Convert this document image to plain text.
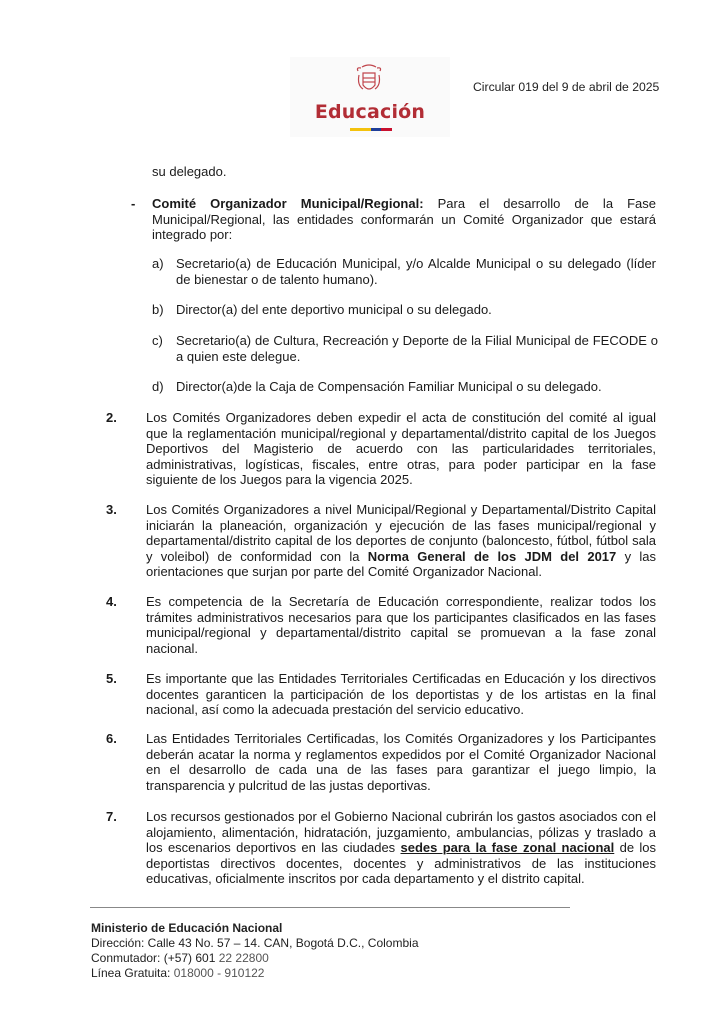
Educación
Circular 019 del 9 de abril de 2025
su delegado.
- Comité Organizador Municipal/Regional: Para el desarrollo de la Fase Municipal/Regional, las entidades conformarán un Comité Organizador que estará integrado por:
a) Secretario(a) de Educación Municipal, y/o Alcalde Municipal o su delegado (líder de bienestar o de talento humano).
b) Director(a) del ente deportivo municipal o su delegado.
c) Secretario(a) de Cultura, Recreación y Deporte de la Filial Municipal de FECODE o a quien este delegue.
d) Director(a)de la Caja de Compensación Familiar Municipal o su delegado.
2. Los Comités Organizadores deben expedir el acta de constitución del comité al igual que la reglamentación municipal/regional y departamental/distrito capital de los Juegos Deportivos del Magisterio de acuerdo con las particularidades territoriales, administrativas, logísticas, fiscales, entre otras, para poder participar en la fase siguiente de los Juegos para la vigencia 2025.
3. Los Comités Organizadores a nivel Municipal/Regional y Departamental/Distrito Capital iniciarán la planeación, organización y ejecución de las fases municipal/regional y departamental/distrito capital de los deportes de conjunto (baloncesto, fútbol, fútbol sala y voleibol) de conformidad con la Norma General de los JDM del 2017 y las orientaciones que surjan por parte del Comité Organizador Nacional.
4. Es competencia de la Secretaría de Educación correspondiente, realizar todos los trámites administrativos necesarios para que los participantes clasificados en las fases municipal/regional y departamental/distrito capital se promuevan a la fase zonal nacional.
5. Es importante que las Entidades Territoriales Certificadas en Educación y los directivos docentes garanticen la participación de los deportistas y de los artistas en la final nacional, así como la adecuada prestación del servicio educativo.
6. Las Entidades Territoriales Certificadas, los Comités Organizadores y los Participantes deberán acatar la norma y reglamentos expedidos por el Comité Organizador Nacional en el desarrollo de cada una de las fases para garantizar el juego limpio, la transparencia y pulcritud de las justas deportivas.
7. Los recursos gestionados por el Gobierno Nacional cubrirán los gastos asociados con el alojamiento, alimentación, hidratación, juzgamiento, ambulancias, pólizas y traslado a los escenarios deportivos en las ciudades sedes para la fase zonal nacional de los deportistas directivos docentes, docentes y administrativos de las instituciones educativas, oficialmente inscritos por cada departamento y el distrito capital.
Ministerio de Educación Nacional
Dirección: Calle 43 No. 57 – 14. CAN, Bogotá D.C., Colombia
Conmutador: (+57) 601 22 22800
Línea Gratuita: 018000 - 910122
